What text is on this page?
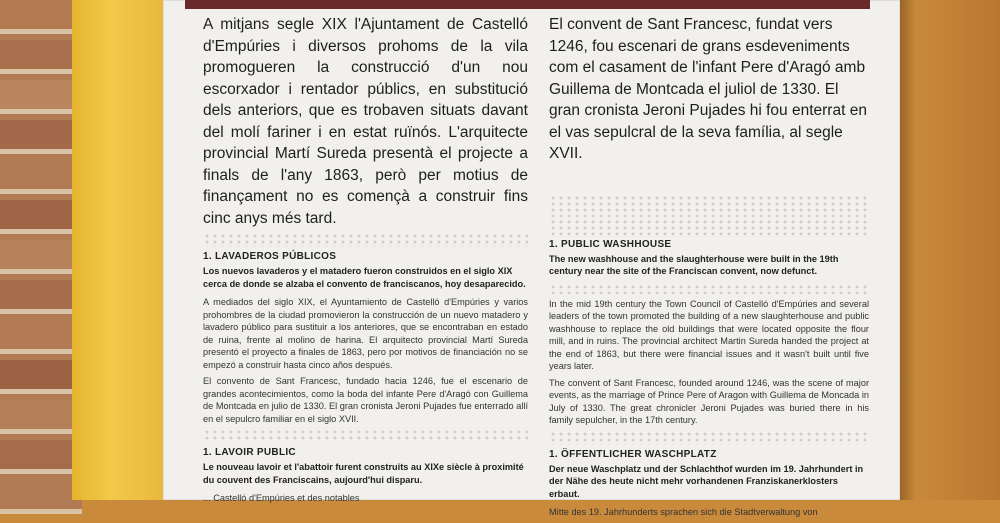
A mitjans segle XIX l'Ajuntament de Castelló d'Empúries i diversos prohoms de la vila promogueren la construcció d'un nou escorxador i rentador públics, en substitució dels anteriors, que es trobaven situats davant del molí fariner i en estat ruïnós. L'arquitecte provincial Martí Sureda presentà el projecte a finals de l'any 1863, però per motius de finançament no es començà a construir fins cinc anys més tard.

1. LAVADEROS PÚBLICOS

Los nuevos lavaderos y el matadero fueron construidos en el siglo XIX cerca de donde se alzaba el convento de franciscanos, hoy desaparecido.

A mediados del siglo XIX, el Ayuntamiento de Castelló d'Empúries y varios prohombres de la ciudad promovieron la construcción de un nuevo matadero y lavadero público para sustituir a los anteriores, que se encontraban en estado de ruina, frente al molino de harina. El arquitecto provincial Martí Sureda presentó el proyecto a finales de 1863, pero por motivos de financiación no se empezó a construir hasta cinco años después.

El convento de Sant Francesc, fundado hacia 1246, fue el escenario de grandes acontecimientos, como la boda del infante Pere d'Aragó con Guillema de Montcada en julio de 1330. El gran cronista Jeroni Pujades fue enterrado allí en el sepulcro familiar en el siglo XVII.

1. LAVOIR PUBLIC

Le nouveau lavoir et l'abattoir furent construits au XIXe siècle à proximité du couvent des Franciscains, aujourd'hui disparu.

... Castelló d'Empúries et des notables

El convent de Sant Francesc, fundat vers 1246, fou escenari de grans esdeveniments com el casament de l'infant Pere d'Aragó amb Guillema de Montcada el juliol de 1330. El gran cronista Jeroni Pujades hi fou enterrat en el vas sepulcral de la seva família, al segle XVII.

1. PUBLIC WASHHOUSE

The new washhouse and the slaughterhouse were built in the 19th century near the site of the Franciscan convent, now defunct.

In the mid 19th century the Town Council of Castelló d'Empúries and several leaders of the town promoted the building of a new slaughterhouse and public washhouse to replace the old buildings that were located opposite the flour mill, and in ruins. The provincial architect Martin Sureda handed the project at the end of 1863, but there were financial issues and it wasn't built until five years later.

The convent of Sant Francesc, founded around 1246, was the scene of major events, as the marriage of Prince Pere of Aragon with Guillema de Moncada in July of 1330. The great chronicler Jeroni Pujades was buried there in his family sepulcher, in the 17th century.

1. ÖFFENTLICHER WASCHPLATZ

Der neue Waschplatz und der Schlachthof wurden im 19. Jahrhundert in der Nähe des heute nicht mehr vorhandenen Franziskanerklosters erbaut.

Mitte des 19. Jahrhunderts sprachen sich die Stadtverwaltung von
